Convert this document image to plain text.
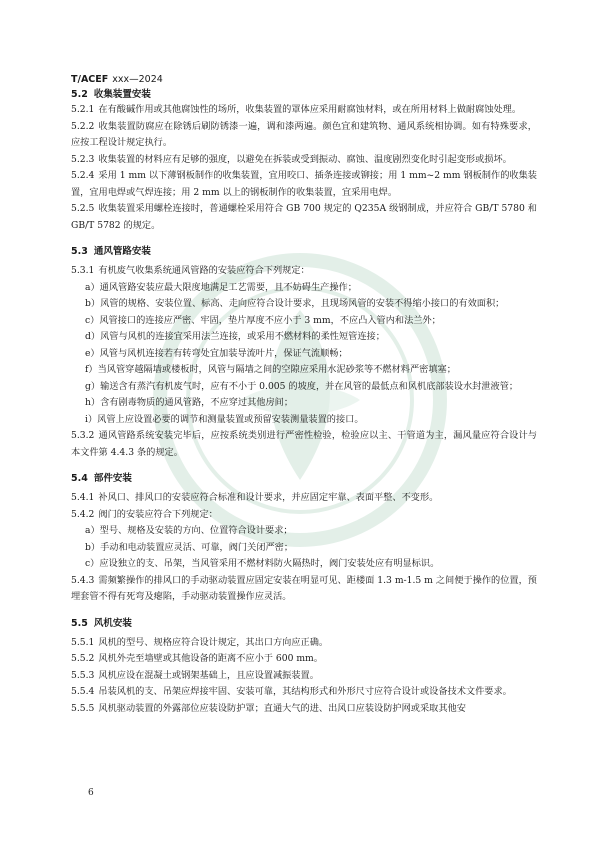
T/ACEF xxx—2024
5.2 收集装置安装
5.2.1 在有酸碱作用或其他腐蚀性的场所，收集装置的罩体应采用耐腐蚀材料，或在所用材料上做耐腐蚀处理。
5.2.2 收集装置防腐应在除锈后刷防锈漆一遍，调和漆两遍。颜色宜和建筑物、通风系统相协调。如有特殊要求，应按工程设计规定执行。
5.2.3 收集装置的材料应有足够的强度，以避免在拆装或受到振动、腐蚀、温度剧烈变化时引起变形或损坏。
5.2.4 采用 1 mm 以下薄钢板制作的收集装置，宜用咬口、插条连接或铆接；用 1 mm~2 mm 钢板制作的收集装置，宜用电焊或气焊连接；用 2 mm 以上的钢板制作的收集装置，宜采用电焊。
5.2.5 收集装置采用螺栓连接时，普通螺栓采用符合 GB 700 规定的 Q235A 级钢制成，并应符合 GB/T 5780 和 GB/T 5782 的规定。
5.3 通风管路安装
5.3.1 有机废气收集系统通风管路的安装应符合下列规定：
a）通风管路安装应最大限度地满足工艺需要，且不妨碍生产操作；
b）风管的规格、安装位置、标高、走向应符合设计要求，且现场风管的安装不得缩小接口的有效面积；
c）风管接口的连接应严密、牢固，垫片厚度不应小于 3 mm，不应凸入管内和法兰外；
d）风管与风机的连接宜采用法兰连接，或采用不燃材料的柔性短管连接；
e）风管与风机连接若有转弯处宜加装导流叶片，保证气流顺畅；
f）当风管穿越隔墙或楼板时，风管与隔墙之间的空隙应采用水泥砂浆等不燃材料严密填塞；
g）输送含有蒸汽有机废气时，应有不小于 0.005 的坡度，并在风管的最低点和风机底部装设水封泄液管；
h）含有剧毒物质的通风管路，不应穿过其他房间；
i）风管上应设置必要的调节和测量装置或预留安装测量装置的接口。
5.3.2 通风管路系统安装完毕后，应按系统类别进行严密性检验，检验应以主、干管道为主，漏风量应符合设计与本文件第 4.4.3 条的规定。
5.4 部件安装
5.4.1 补风口、排风口的安装应符合标准和设计要求，并应固定牢靠、表面平整、不变形。
5.4.2 阀门的安装应符合下列规定：
a）型号、规格及安装的方向、位置符合设计要求；
b）手动和电动装置应灵活、可靠，阀门关闭严密；
c）应设独立的支、吊架，当风管采用不燃材料防火隔热时，阀门安装处应有明显标识。
5.4.3 需频繁操作的排风口的手动驱动装置应固定安装在明显可见、距楼面 1.3 m-1.5 m 之间便于操作的位置，预埋套管不得有死弯及瘪陷，手动驱动装置操作应灵活。
5.5 风机安装
5.5.1 风机的型号、规格应符合设计规定，其出口方向应正确。
5.5.2 风机外壳至墙壁或其他设备的距离不应小于 600 mm。
5.5.3 风机应设在混凝土或钢架基础上，且应设置减振装置。
5.5.4 吊装风机的支、吊架应焊接牢固、安装可靠，其结构形式和外形尺寸应符合设计或设备技术文件要求。
5.5.5 风机驱动装置的外露部位应装设防护罩；直通大气的进、出风口应装设防护网或采取其他安
6
